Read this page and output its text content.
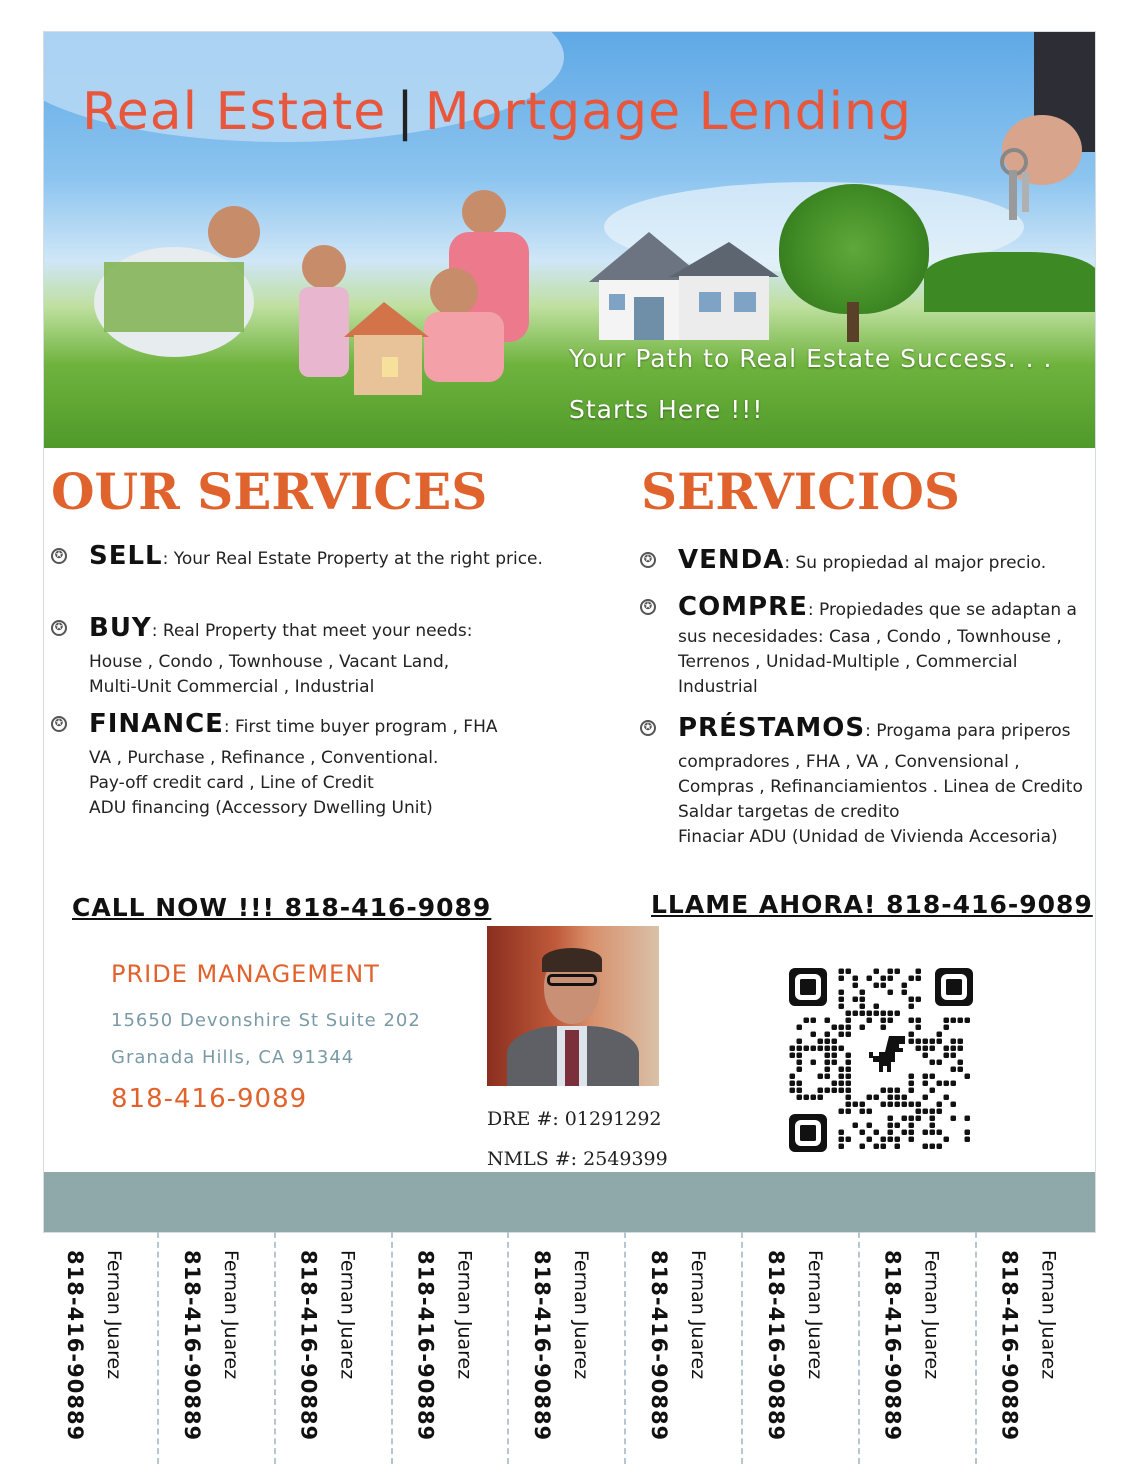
Real Estate | Mortgage Lending
Your Path to Real Estate Success. . .
Starts Here !!!
OUR SERVICES
✪ SELL: Your Real Estate Property at the right price.
✪ BUY: Real Property that meet your needs:
House , Condo , Townhouse , Vacant Land,
Multi-Unit Commercial , Industrial
✪ FINANCE: First time buyer program , FHA
VA , Purchase , Refinance , Conventional.
Pay-off credit card , Line of Credit
ADU financing (Accessory Dwelling Unit)
SERVICIOS
✪ VENDA: Su propiedad al major precio.
✪ COMPRE: Propiedades que se adaptan a
sus necesidades: Casa , Condo , Townhouse ,
Terrenos , Unidad-Multiple , Commercial
Industrial
✪ PRÉSTAMOS: Progama para priperos
compradores , FHA , VA , Convensional ,
Compras , Refinanciamientos . Linea de Credito
Saldar targetas de credito
Finaciar ADU (Unidad de Vivienda Accesoria)
CALL NOW !!! 818-416-9089	LLAME AHORA! 818-416-9089
PRIDE MANAGEMENT
15650 Devonshire St Suite 202
Granada Hills, CA 91344
818-416-9089
DRE #: 01291292
NMLS #: 2549399
818-416-90889 Fernan Juarez	818-416-90889 Fernan Juarez	818-416-90889 Fernan Juarez	818-416-90889 Fernan Juarez	818-416-90889 Fernan Juarez	818-416-90889 Fernan Juarez	818-416-90889 Fernan Juarez	818-416-90889 Fernan Juarez	818-416-90889 Fernan Juarez
